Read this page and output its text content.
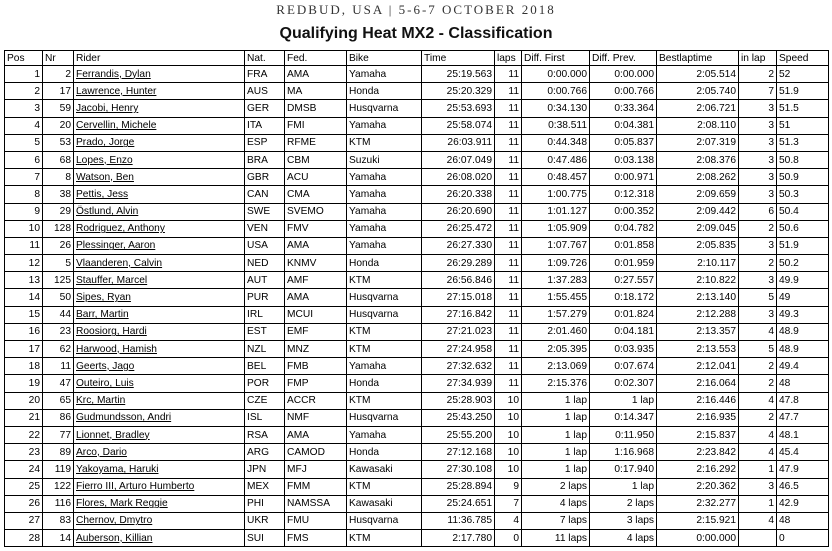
REDBUD, USA | 5-6-7 OCTOBER 2018
Qualifying Heat MX2 - Classification
Pos	Nr	Rider	Nat.	Fed.	Bike	Time	laps	Diff. First	Diff. Prev.	Bestlaptime	in lap	Speed
1	2	Ferrandis, Dylan	FRA	AMA	Yamaha	25:19.563	11	0:00.000	0:00.000	2:05.514	2	52
2	17	Lawrence, Hunter	AUS	MA	Honda	25:20.329	11	0:00.766	0:00.766	2:05.740	7	51.9
3	59	Jacobi, Henry	GER	DMSB	Husqvarna	25:53.693	11	0:34.130	0:33.364	2:06.721	3	51.5
4	20	Cervellin, Michele	ITA	FMI	Yamaha	25:58.074	11	0:38.511	0:04.381	2:08.110	3	51
5	53	Prado, Jorge	ESP	RFME	KTM	26:03.911	11	0:44.348	0:05.837	2:07.319	3	51.3
6	68	Lopes, Enzo	BRA	CBM	Suzuki	26:07.049	11	0:47.486	0:03.138	2:08.376	3	50.8
7	8	Watson, Ben	GBR	ACU	Yamaha	26:08.020	11	0:48.457	0:00.971	2:08.262	3	50.9
8	38	Pettis, Jess	CAN	CMA	Yamaha	26:20.338	11	1:00.775	0:12.318	2:09.659	3	50.3
9	29	Östlund, Alvin	SWE	SVEMO	Yamaha	26:20.690	11	1:01.127	0:00.352	2:09.442	6	50.4
10	128	Rodriguez, Anthony	VEN	FMV	Yamaha	26:25.472	11	1:05.909	0:04.782	2:09.045	2	50.6
11	26	Plessinger, Aaron	USA	AMA	Yamaha	26:27.330	11	1:07.767	0:01.858	2:05.835	3	51.9
12	5	Vlaanderen, Calvin	NED	KNMV	Honda	26:29.289	11	1:09.726	0:01.959	2:10.117	2	50.2
13	125	Stauffer, Marcel	AUT	AMF	KTM	26:56.846	11	1:37.283	0:27.557	2:10.822	3	49.9
14	50	Sipes, Ryan	PUR	AMA	Husqvarna	27:15.018	11	1:55.455	0:18.172	2:13.140	5	49
15	44	Barr, Martin	IRL	MCUI	Husqvarna	27:16.842	11	1:57.279	0:01.824	2:12.288	3	49.3
16	23	Roosiorg, Hardi	EST	EMF	KTM	27:21.023	11	2:01.460	0:04.181	2:13.357	4	48.9
17	62	Harwood, Hamish	NZL	MNZ	KTM	27:24.958	11	2:05.395	0:03.935	2:13.553	5	48.9
18	11	Geerts, Jago	BEL	FMB	Yamaha	27:32.632	11	2:13.069	0:07.674	2:12.041	2	49.4
19	47	Outeiro, Luis	POR	FMP	Honda	27:34.939	11	2:15.376	0:02.307	2:16.064	2	48
20	65	Krc, Martin	CZE	ACCR	KTM	25:28.903	10	1 lap	1 lap	2:16.446	4	47.8
21	86	Gudmundsson, Andri	ISL	NMF	Husqvarna	25:43.250	10	1 lap	0:14.347	2:16.935	2	47.7
22	77	Lionnet, Bradley	RSA	AMA	Yamaha	25:55.200	10	1 lap	0:11.950	2:15.837	4	48.1
23	89	Arco, Dario	ARG	CAMOD	Honda	27:12.168	10	1 lap	1:16.968	2:23.842	4	45.4
24	119	Yakoyama, Haruki	JPN	MFJ	Kawasaki	27:30.108	10	1 lap	0:17.940	2:16.292	1	47.9
25	122	Fierro III, Arturo Humberto	MEX	FMM	KTM	25:28.894	9	2 laps	1 lap	2:20.362	3	46.5
26	116	Flores, Mark Reggie	PHI	NAMSSA	Kawasaki	25:24.651	7	4 laps	2 laps	2:32.277	1	42.9
27	83	Chernov, Dmytro	UKR	FMU	Husqvarna	11:36.785	4	7 laps	3 laps	2:15.921	4	48
28	14	Auberson, Killian	SUI	FMS	KTM	2:17.780	0	11 laps	4 laps	0:00.000		0
